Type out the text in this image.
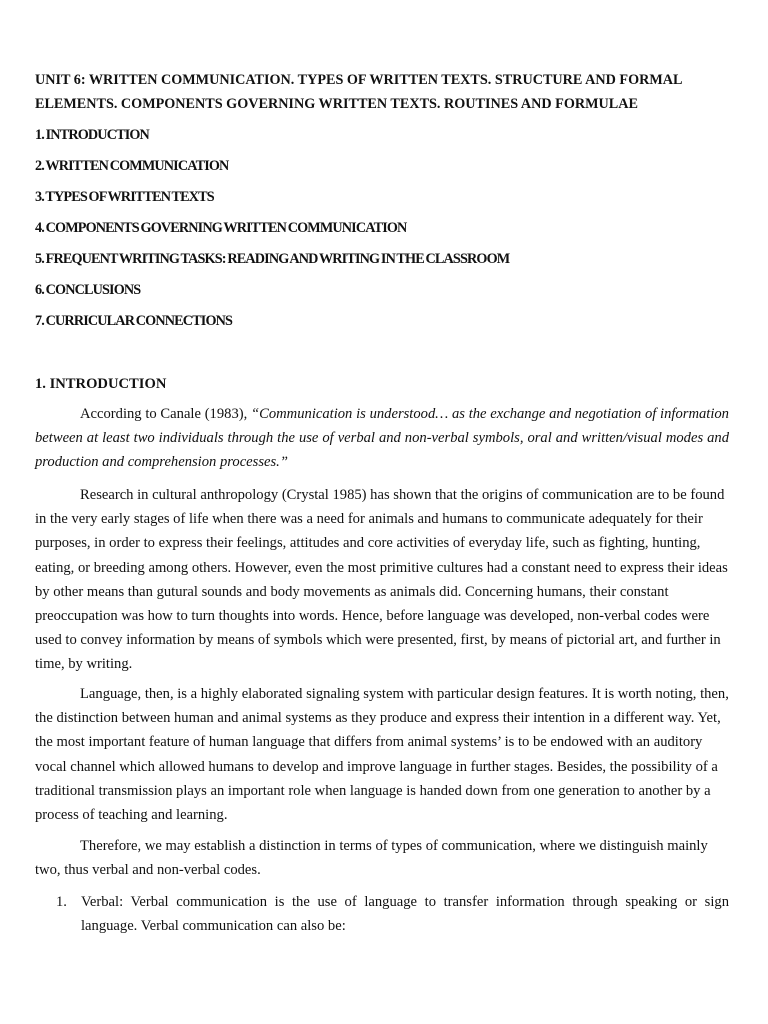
UNIT 6: WRITTEN COMMUNICATION. TYPES OF WRITTEN TEXTS. STRUCTURE AND FORMAL ELEMENTS. COMPONENTS GOVERNING WRITTEN TEXTS. ROUTINES AND FORMULAE
1. INTRODUCTION
2. WRITTEN COMMUNICATION
3. TYPES OF WRITTEN TEXTS
4. COMPONENTS GOVERNING WRITTEN COMMUNICATION
5. FREQUENT WRITING TASKS: READING AND WRITING IN THE CLASSROOM
6. CONCLUSIONS
7. CURRICULAR CONNECTIONS
1. INTRODUCTION

According to Canale (1983), “Communication is understood… as the exchange and negotiation of information between at least two individuals through the use of verbal and non-verbal symbols, oral and written/visual modes and production and comprehension processes.”

Research in cultural anthropology (Crystal 1985) has shown that the origins of communication are to be found in the very early stages of life when there was a need for animals and humans to communicate adequately for their purposes, in order to express their feelings, attitudes and core activities of everyday life, such as fighting, hunting, eating, or breeding among others. However, even the most primitive cultures had a constant need to express their ideas by other means than gutural sounds and body movements as animals did. Concerning humans, their constant preoccupation was how to turn thoughts into words. Hence, before language was developed, non-verbal codes were used to convey information by means of symbols which were presented, first, by means of pictorial art, and further in time, by writing.

Language, then, is a highly elaborated signaling system with particular design features. It is worth noting, then, the distinction between human and animal systems as they produce and express their intention in a different way. Yet, the most important feature of human language that differs from animal systems’ is to be endowed with an auditory vocal channel which allowed humans to develop and improve language in further stages. Besides, the possibility of a traditional transmission plays an important role when language is handed down from one generation to another by a process of teaching and learning.

Therefore, we may establish a distinction in terms of types of communication, where we distinguish mainly two, thus verbal and non-verbal codes.

1. Verbal: Verbal communication is the use of language to transfer information through speaking or sign language. Verbal communication can also be:
